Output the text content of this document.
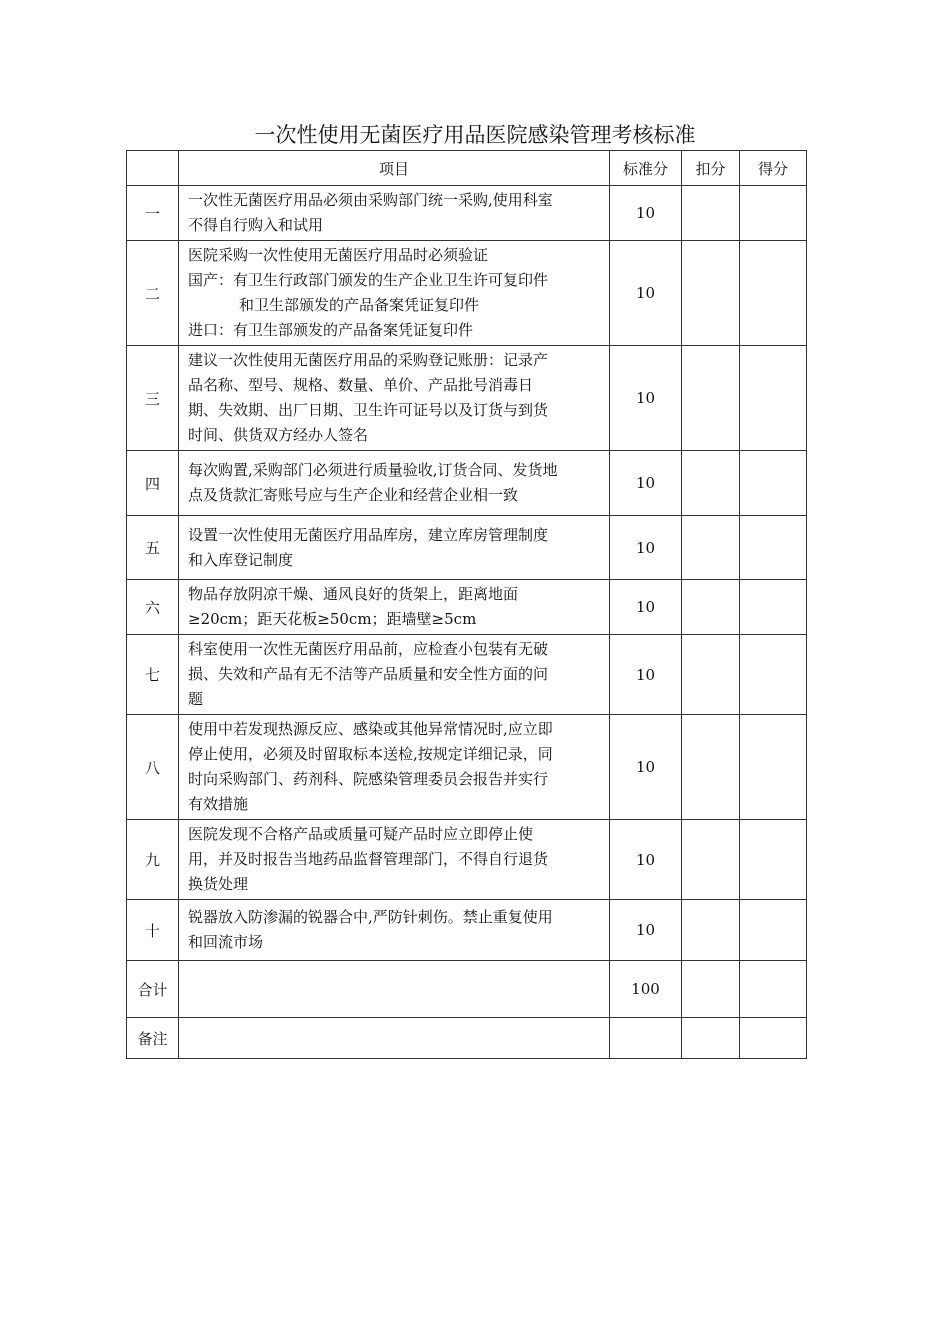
一次性使用无菌医疗用品医院感染管理考核标准
	项目	标准分	扣分	得分
一	一次性无菌医疗用品必须由采购部门统一采购,使用科室
不得自行购入和试用	10		
二	医院采购一次性使用无菌医疗用品时必须验证
国产：有卫生行政部门颁发的生产企业卫生许可复印件
和卫生部颁发的产品备案凭证复印件
进口：有卫生部颁发的产品备案凭证复印件	10		
三	建议一次性使用无菌医疗用品的采购登记账册：记录产
品名称、型号、规格、数量、单价、产品批号消毒日
期、失效期、出厂日期、卫生许可证号以及订货与到货
时间、供货双方经办人签名	10		
四	每次购置,采购部门必须进行质量验收,订货合同、发货地
点及货款汇寄账号应与生产企业和经营企业相一致	10		
五	设置一次性使用无菌医疗用品库房，建立库房管理制度
和入库登记制度	10		
六	物品存放阴凉干燥、通风良好的货架上，距离地面
≥20cm；距天花板≥50cm；距墙壁≥5cm	10		
七	科室使用一次性无菌医疗用品前，应检查小包装有无破
损、失效和产品有无不洁等产品质量和安全性方面的问
题	10		
八	使用中若发现热源反应、感染或其他异常情况时,应立即
停止使用，必须及时留取标本送检,按规定详细记录，同
时向采购部门、药剂科、院感染管理委员会报告并实行
有效措施	10		
九	医院发现不合格产品或质量可疑产品时应立即停止使
用，并及时报告当地药品监督管理部门，不得自行退货
换货处理	10		
十	锐器放入防渗漏的锐器合中,严防针刺伤。禁止重复使用
和回流市场	10		
合计		100		
备注				
